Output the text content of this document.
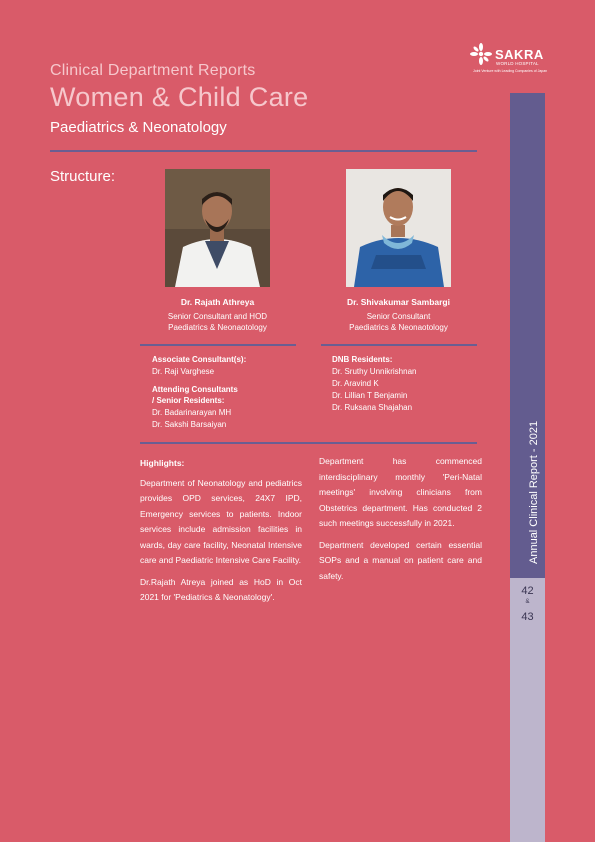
Clinical Department Reports
Women & Child Care
Paediatrics & Neonatology
SAKRA
WORLD HOSPITAL
Joint Venture with Leading Companies of Japan
Structure:
Dr. Rajath Athreya
Senior Consultant and HOD
Paediatrics & Neonaotology
Dr. Shivakumar Sambargi
Senior Consultant
Paediatrics & Neonaotology
Associate Consultant(s):
Dr. Raji Varghese
Attending Consultants
/ Senior Residents:
Dr. Badarinarayan MH
Dr. Sakshi Barsaiyan
DNB Residents:
Dr. Sruthy Unnikrishnan
Dr. Aravind K
Dr. Lillian T Benjamin
Dr. Ruksana Shajahan
Highlights:

Department of Neonatology and pediatrics provides OPD services, 24X7 IPD, Emergency services to patients. Indoor services include admission facilities in wards, day care facility, Neonatal Intensive care and Paediatric Intensive Care Facility.

Dr.Rajath Atreya joined as HoD in Oct 2021 for 'Pediatrics & Neonatology'.

Department has commenced interdisciplinary monthly 'Peri-Natal meetings' involving clinicians from Obstetrics department. Has conducted 2 such meetings successfully in 2021.

Department developed certain essential SOPs and a manual on patient care and safety.

Annual Clinical Report - 2021
42
&
43
